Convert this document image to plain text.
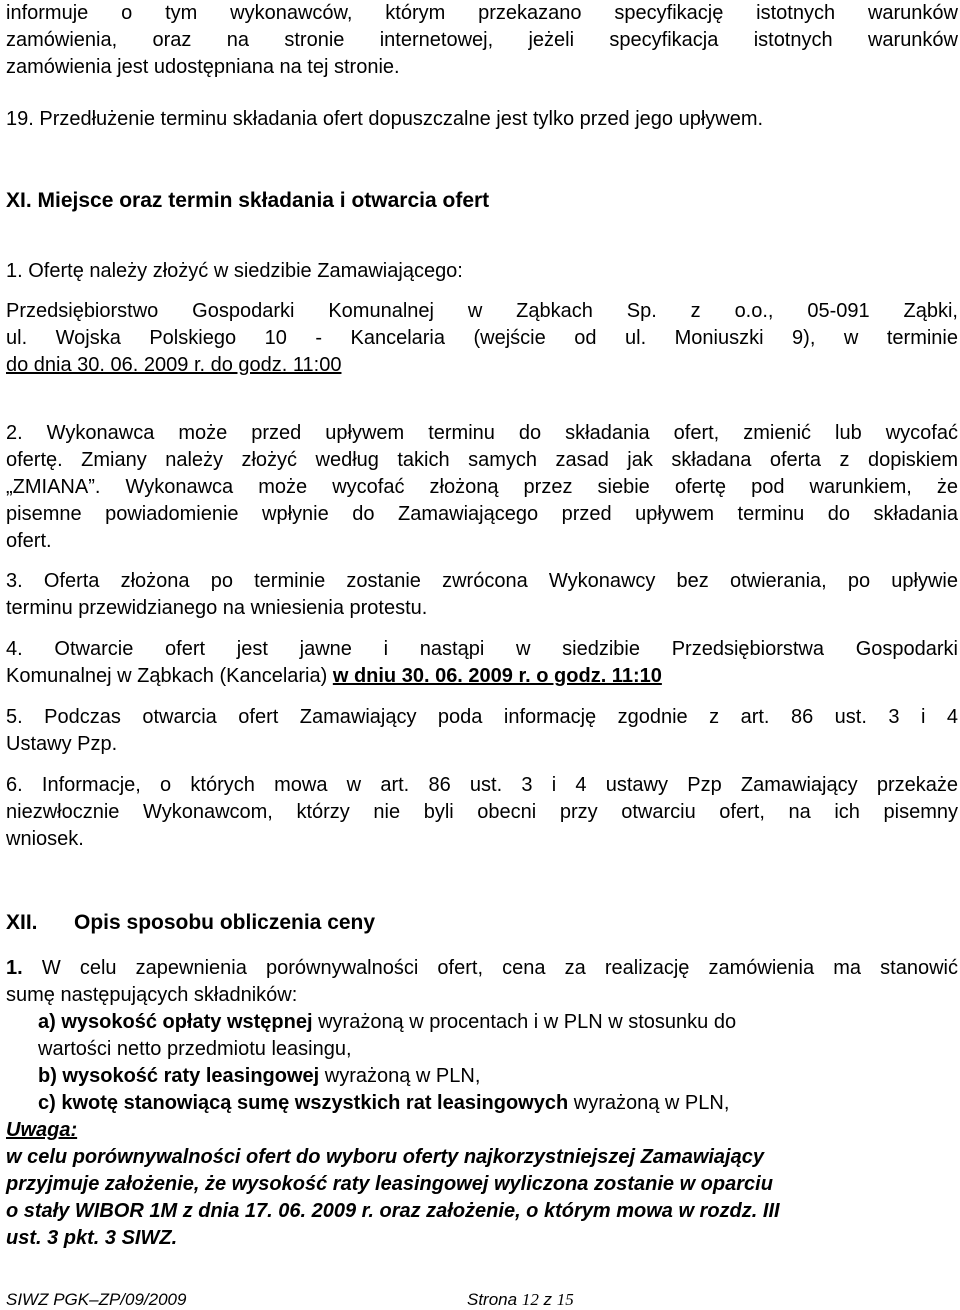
informuje o tym wykonawców, którym przekazano specyfikację istotnych warunków
zamówienia, oraz na stronie internetowej, jeżeli specyfikacja istotnych warunków
zamówienia jest udostępniana na tej stronie.
19. Przedłużenie terminu składania ofert dopuszczalne jest tylko przed jego upływem.
XI. Miejsce oraz termin składania i otwarcia ofert
1. Ofertę należy złożyć w siedzibie Zamawiającego:
Przedsiębiorstwo Gospodarki Komunalnej w Ząbkach Sp. z o.o., 05-091 Ząbki,
ul. Wojska Polskiego 10 - Kancelaria (wejście od ul. Moniuszki 9), w terminie
do dnia 30. 06. 2009 r. do godz. 11:00
2. Wykonawca może przed upływem terminu do składania ofert, zmienić lub wycofać
ofertę. Zmiany należy złożyć według takich samych zasad jak składana oferta z dopiskiem
„ZMIANA”. Wykonawca może wycofać złożoną przez siebie ofertę pod warunkiem, że
pisemne powiadomienie wpłynie do Zamawiającego przed upływem terminu do składania
ofert.
3. Oferta złożona po terminie zostanie zwrócona Wykonawcy bez otwierania, po upływie
terminu przewidzianego na wniesienia protestu.
4. Otwarcie ofert jest jawne i nastąpi w siedzibie Przedsiębiorstwa Gospodarki
Komunalnej w Ząbkach (Kancelaria) w dniu 30. 06. 2009 r. o godz. 11:10
5. Podczas otwarcia ofert Zamawiający poda informację zgodnie z art. 86 ust. 3 i 4
Ustawy Pzp.
6. Informacje, o których mowa w art. 86 ust. 3 i 4 ustawy Pzp Zamawiający przekaże
niezwłocznie Wykonawcom, którzy nie byli obecni przy otwarciu ofert, na ich pisemny
wniosek.
XII. Opis sposobu obliczenia ceny
1. W celu zapewnienia porównywalności ofert, cena za realizację zamówienia ma stanowić
sumę następujących składników:
a) wysokość opłaty wstępnej wyrażoną w procentach i w PLN w stosunku do
wartości netto przedmiotu leasingu,
b) wysokość raty leasingowej wyrażoną w PLN,
c) kwotę stanowiącą sumę wszystkich rat leasingowych wyrażoną w PLN,
Uwaga:
w celu porównywalności ofert do wyboru oferty najkorzystniejszej Zamawiający
przyjmuje założenie, że wysokość raty leasingowej wyliczona zostanie w oparciu
o stały WIBOR 1M z dnia 17. 06. 2009 r. oraz założenie, o którym mowa w rozdz. III
ust. 3 pkt. 3 SIWZ.
SIWZ PGK–ZP/09/2009	Strona 12 z 15
